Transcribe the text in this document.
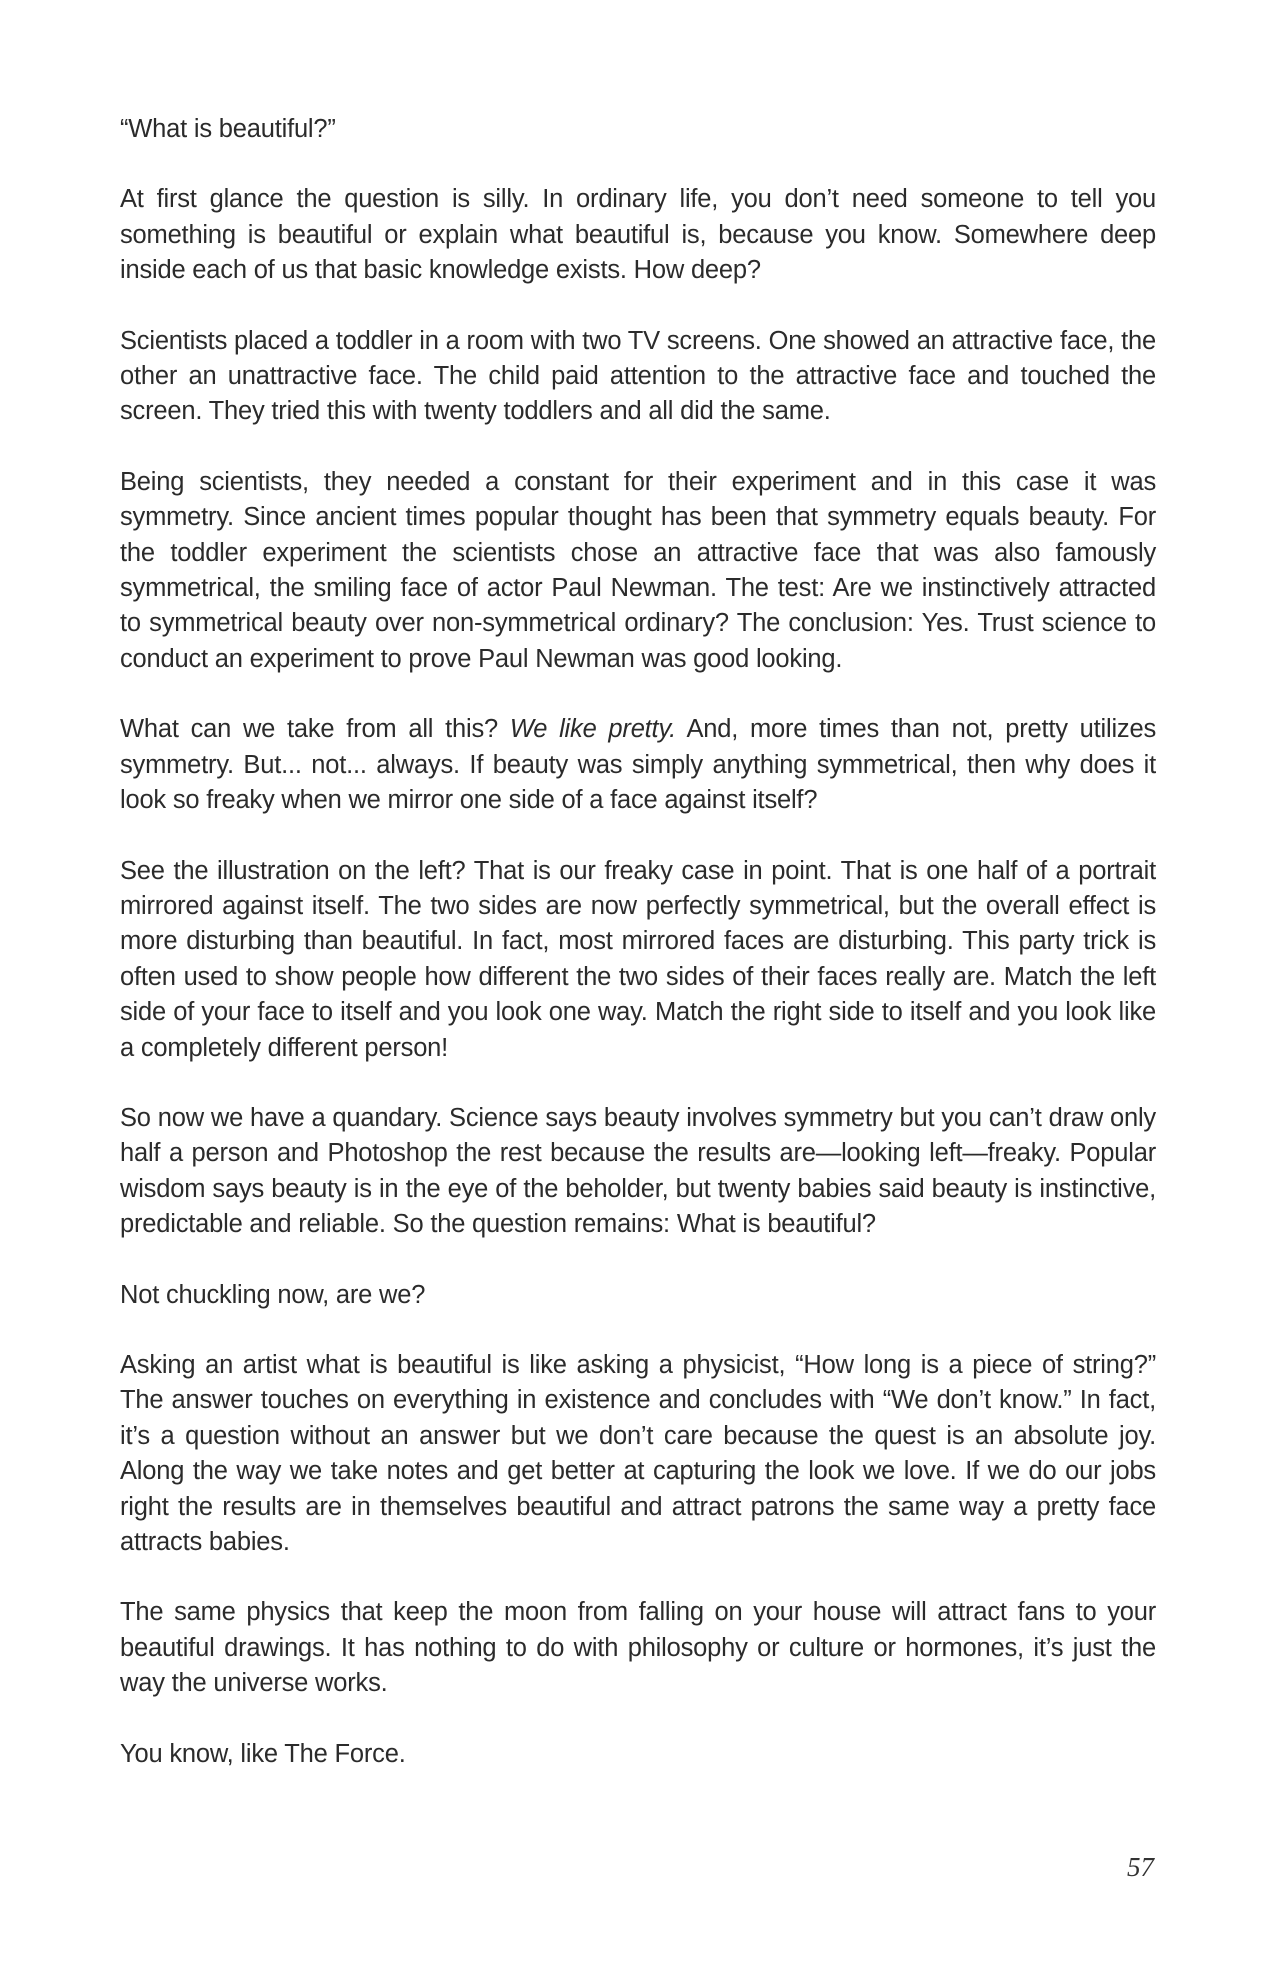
“What is beautiful?”

At first glance the question is silly. In ordinary life, you don’t need someone to tell you something is beautiful or explain what beautiful is, because you know. Somewhere deep inside each of us that basic knowledge exists. How deep?

Scientists placed a toddler in a room with two TV screens. One showed an attractive face, the other an unattractive face. The child paid attention to the attractive face and touched the screen. They tried this with twenty toddlers and all did the same.

Being scientists, they needed a constant for their experiment and in this case it was symmetry. Since ancient times popular thought has been that symmetry equals beauty. For the toddler experiment the scientists chose an attractive face that was also famously symmetrical, the smiling face of actor Paul Newman. The test: Are we instinctively attracted to symmetrical beauty over non-symmetrical ordinary? The conclusion: Yes. Trust science to conduct an experiment to prove Paul Newman was good looking.

What can we take from all this? We like pretty. And, more times than not, pretty utilizes symmetry. But... not... always. If beauty was simply anything symmetrical, then why does it look so freaky when we mirror one side of a face against itself?

See the illustration on the left? That is our freaky case in point. That is one half of a portrait mirrored against itself. The two sides are now perfectly symmetrical, but the overall effect is more disturbing than beautiful. In fact, most mirrored faces are disturbing. This party trick is often used to show people how different the two sides of their faces really are. Match the left side of your face to itself and you look one way. Match the right side to itself and you look like a completely different person!

So now we have a quandary. Science says beauty involves symmetry but you can’t draw only half a person and Photoshop the rest because the results are—looking left—freaky. Popular wisdom says beauty is in the eye of the beholder, but twenty babies said beauty is instinctive, predictable and reliable. So the question remains: What is beautiful?

Not chuckling now, are we?

Asking an artist what is beautiful is like asking a physicist, “How long is a piece of string?” The answer touches on everything in existence and concludes with “We don’t know.” In fact, it’s a question without an answer but we don’t care because the quest is an absolute joy. Along the way we take notes and get better at capturing the look we love. If we do our jobs right the results are in themselves beautiful and attract patrons the same way a pretty face attracts babies.

The same physics that keep the moon from falling on your house will attract fans to your beautiful drawings. It has nothing to do with philosophy or culture or hormones, it’s just the way the universe works.

You know, like The Force.

57
